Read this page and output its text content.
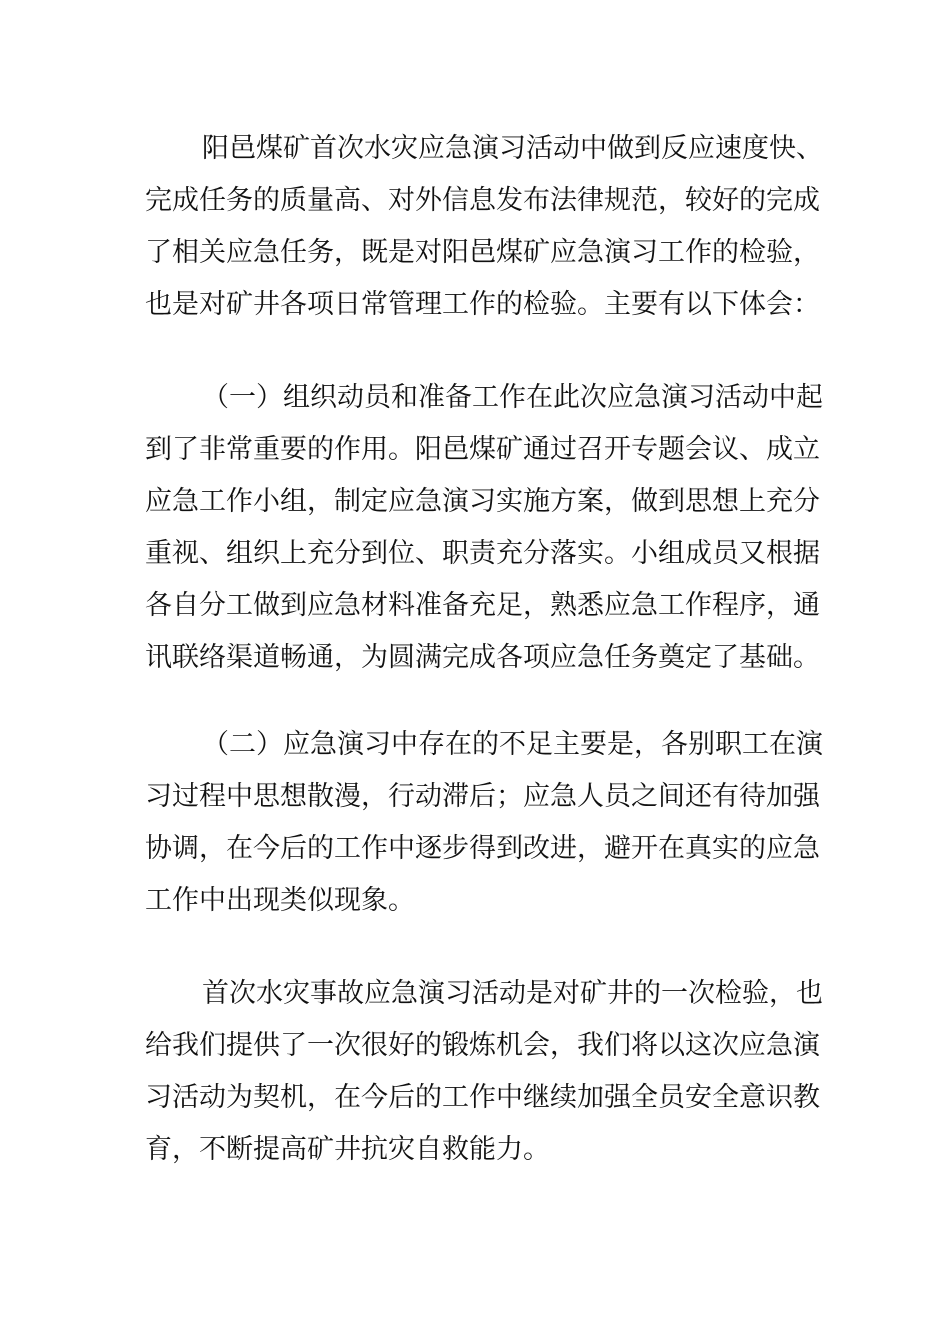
阳邑煤矿首次水灾应急演习活动中做到反应速度快、
完成任务的质量高、对外信息发布法律规范，较好的完成
了相关应急任务，既是对阳邑煤矿应急演习工作的检验，
也是对矿井各项日常管理工作的检验。主要有以下体会：
（一）组织动员和准备工作在此次应急演习活动中起
到了非常重要的作用。阳邑煤矿通过召开专题会议、成立
应急工作小组，制定应急演习实施方案，做到思想上充分
重视、组织上充分到位、职责充分落实。小组成员又根据
各自分工做到应急材料准备充足，熟悉应急工作程序，通
讯联络渠道畅通，为圆满完成各项应急任务奠定了基础。
（二）应急演习中存在的不足主要是，各别职工在演
习过程中思想散漫，行动滞后；应急人员之间还有待加强
协调，在今后的工作中逐步得到改进，避开在真实的应急
工作中出现类似现象。
首次水灾事故应急演习活动是对矿井的一次检验，也
给我们提供了一次很好的锻炼机会，我们将以这次应急演
习活动为契机，在今后的工作中继续加强全员安全意识教
育，不断提高矿井抗灾自救能力。
